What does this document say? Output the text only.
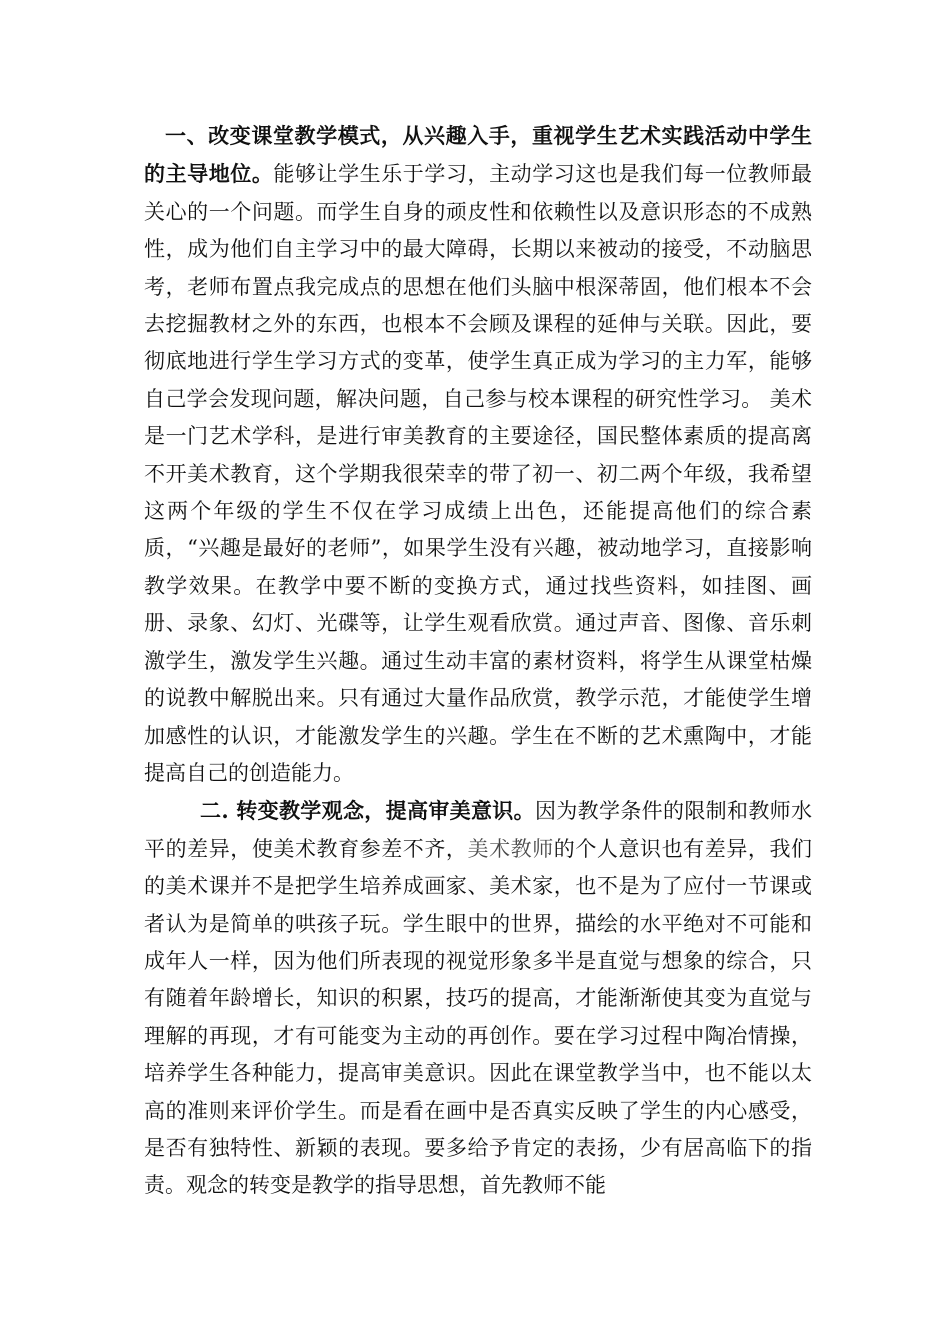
一、改变课堂教学模式，从兴趣入手，重视学生艺术实践活动中学生的主导地位。能够让学生乐于学习，主动学习这也是我们每一位教师最关心的一个问题。而学生自身的顽皮性和依赖性以及意识形态的不成熟性，成为他们自主学习中的最大障碍，长期以来被动的接受，不动脑思考，老师布置点我完成点的思想在他们头脑中根深蒂固，他们根本不会去挖掘教材之外的东西，也根本不会顾及课程的延伸与关联。因此，要彻底地进行学生学习方式的变革，使学生真正成为学习的主力军，能够自己学会发现问题，解决问题，自己参与校本课程的研究性学习。 美术是一门艺术学科，是进行审美教育的主要途径，国民整体素质的提高离不开美术教育，这个学期我很荣幸的带了初一、初二两个年级，我希望这两个年级的学生不仅在学习成绩上出色，还能提高他们的综合素质，“兴趣是最好的老师”，如果学生没有兴趣，被动地学习，直接影响教学效果。在教学中要不断的变换方式，通过找些资料，如挂图、画册、录象、幻灯、光碟等，让学生观看欣赏。通过声音、图像、音乐刺激学生，激发学生兴趣。通过生动丰富的素材资料，将学生从课堂枯燥的说教中解脱出来。只有通过大量作品欣赏，教学示范，才能使学生增加感性的认识，才能激发学生的兴趣。学生在不断的艺术熏陶中，才能提高自己的创造能力。

二. 转变教学观念，提高审美意识。因为教学条件的限制和教师水平的差异，使美术教育参差不齐，美术教师的个人意识也有差异，我们的美术课并不是把学生培养成画家、美术家，也不是为了应付一节课或者认为是简单的哄孩子玩。学生眼中的世界，描绘的水平绝对不可能和成年人一样，因为他们所表现的视觉形象多半是直觉与想象的综合，只有随着年龄增长，知识的积累，技巧的提高，才能渐渐使其变为直觉与理解的再现，才有可能变为主动的再创作。要在学习过程中陶冶情操，培养学生各种能力，提高审美意识。因此在课堂教学当中，也不能以太高的准则来评价学生。而是看在画中是否真实反映了学生的内心感受，是否有独特性、新颖的表现。要多给予肯定的表扬，少有居高临下的指责。观念的转变是教学的指导思想，首先教师不能
